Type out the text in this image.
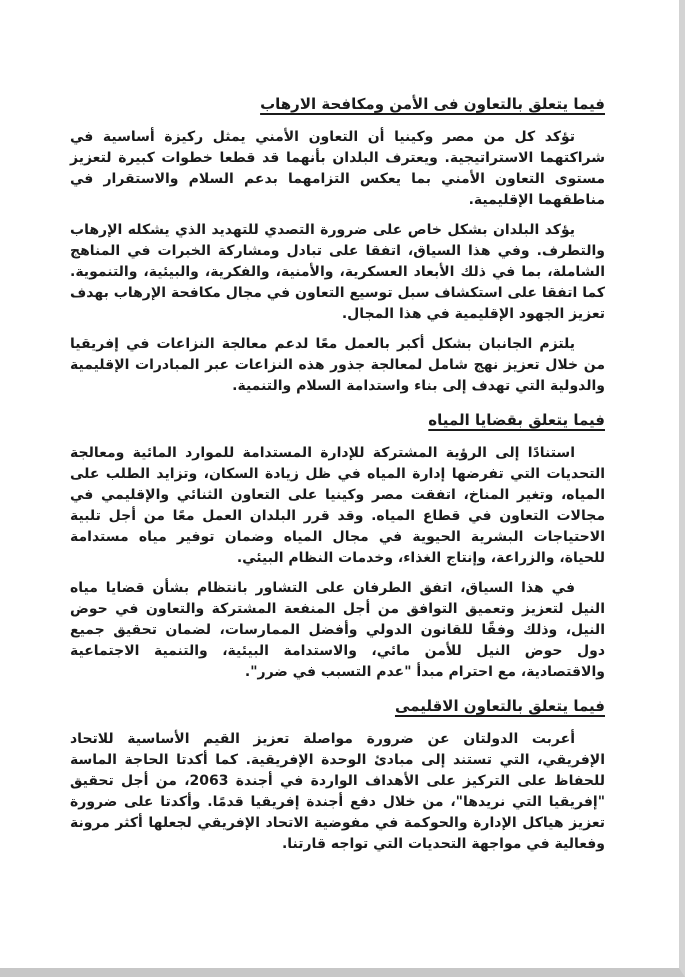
فيما يتعلق بالتعاون فى الأمن ومكافحة الارهاب

تؤكد كل من مصر وكينيا أن التعاون الأمني يمثل ركيزة أساسية في شراكتهما الاستراتيجية. ويعترف البلدان بأنهما قد قطعا خطوات كبيرة لتعزيز مستوى التعاون الأمني بما يعكس التزامهما بدعم السلام والاستقرار في مناطقهما الإقليمية.

يؤكد البلدان بشكل خاص على ضرورة التصدي للتهديد الذي يشكله الإرهاب والتطرف. وفي هذا السياق، اتفقا على تبادل ومشاركة الخبرات في المناهج الشاملة، بما في ذلك الأبعاد العسكرية، والأمنية، والفكرية، والبيئية، والتنموية. كما اتفقا على استكشاف سبل توسيع التعاون في مجال مكافحة الإرهاب بهدف تعزيز الجهود الإقليمية في هذا المجال.

يلتزم الجانبان بشكل أكبر بالعمل معًا لدعم معالجة النزاعات في إفريقيا من خلال تعزيز نهج شامل لمعالجة جذور هذه النزاعات عبر المبادرات الإقليمية والدولية التي تهدف إلى بناء واستدامة السلام والتنمية.

فيما يتعلق بقضايا المياه

استنادًا إلى الرؤية المشتركة للإدارة المستدامة للموارد المائية ومعالجة التحديات التي تفرضها إدارة المياه في ظل زيادة السكان، وتزايد الطلب على المياه، وتغير المناخ، اتفقت مصر وكينيا على التعاون الثنائي والإقليمي في مجالات التعاون في قطاع المياه. وقد قرر البلدان العمل معًا من أجل تلبية الاحتياجات البشرية الحيوية في مجال المياه وضمان توفير مياه مستدامة للحياة، والزراعة، وإنتاج الغذاء، وخدمات النظام البيئي.

في هذا السياق، اتفق الطرفان على التشاور بانتظام بشأن قضايا مياه النيل لتعزيز وتعميق التوافق من أجل المنفعة المشتركة والتعاون في حوض النيل، وذلك وفقًا للقانون الدولي وأفضل الممارسات، لضمان تحقيق جميع دول حوض النيل للأمن مائي، والاستدامة البيئية، والتنمية الاجتماعية والاقتصادية، مع احترام مبدأ "عدم التسبب في ضرر".

فيما يتعلق بالتعاون الاقليمى

أعربت الدولتان عن ضرورة مواصلة تعزيز القيم الأساسية للاتحاد الإفريقي، التي تستند إلى مبادئ الوحدة الإفريقية. كما أكدتا الحاجة الماسة للحفاظ على التركيز على الأهداف الواردة في أجندة 2063، من أجل تحقيق "إفريقيا التي نريدها"، من خلال دفع أجندة إفريقيا قدمًا. وأكدتا على ضرورة تعزيز هياكل الإدارة والحوكمة في مفوضية الاتحاد الإفريقي لجعلها أكثر مرونة وفعالية في مواجهة التحديات التي تواجه قارتنا.
